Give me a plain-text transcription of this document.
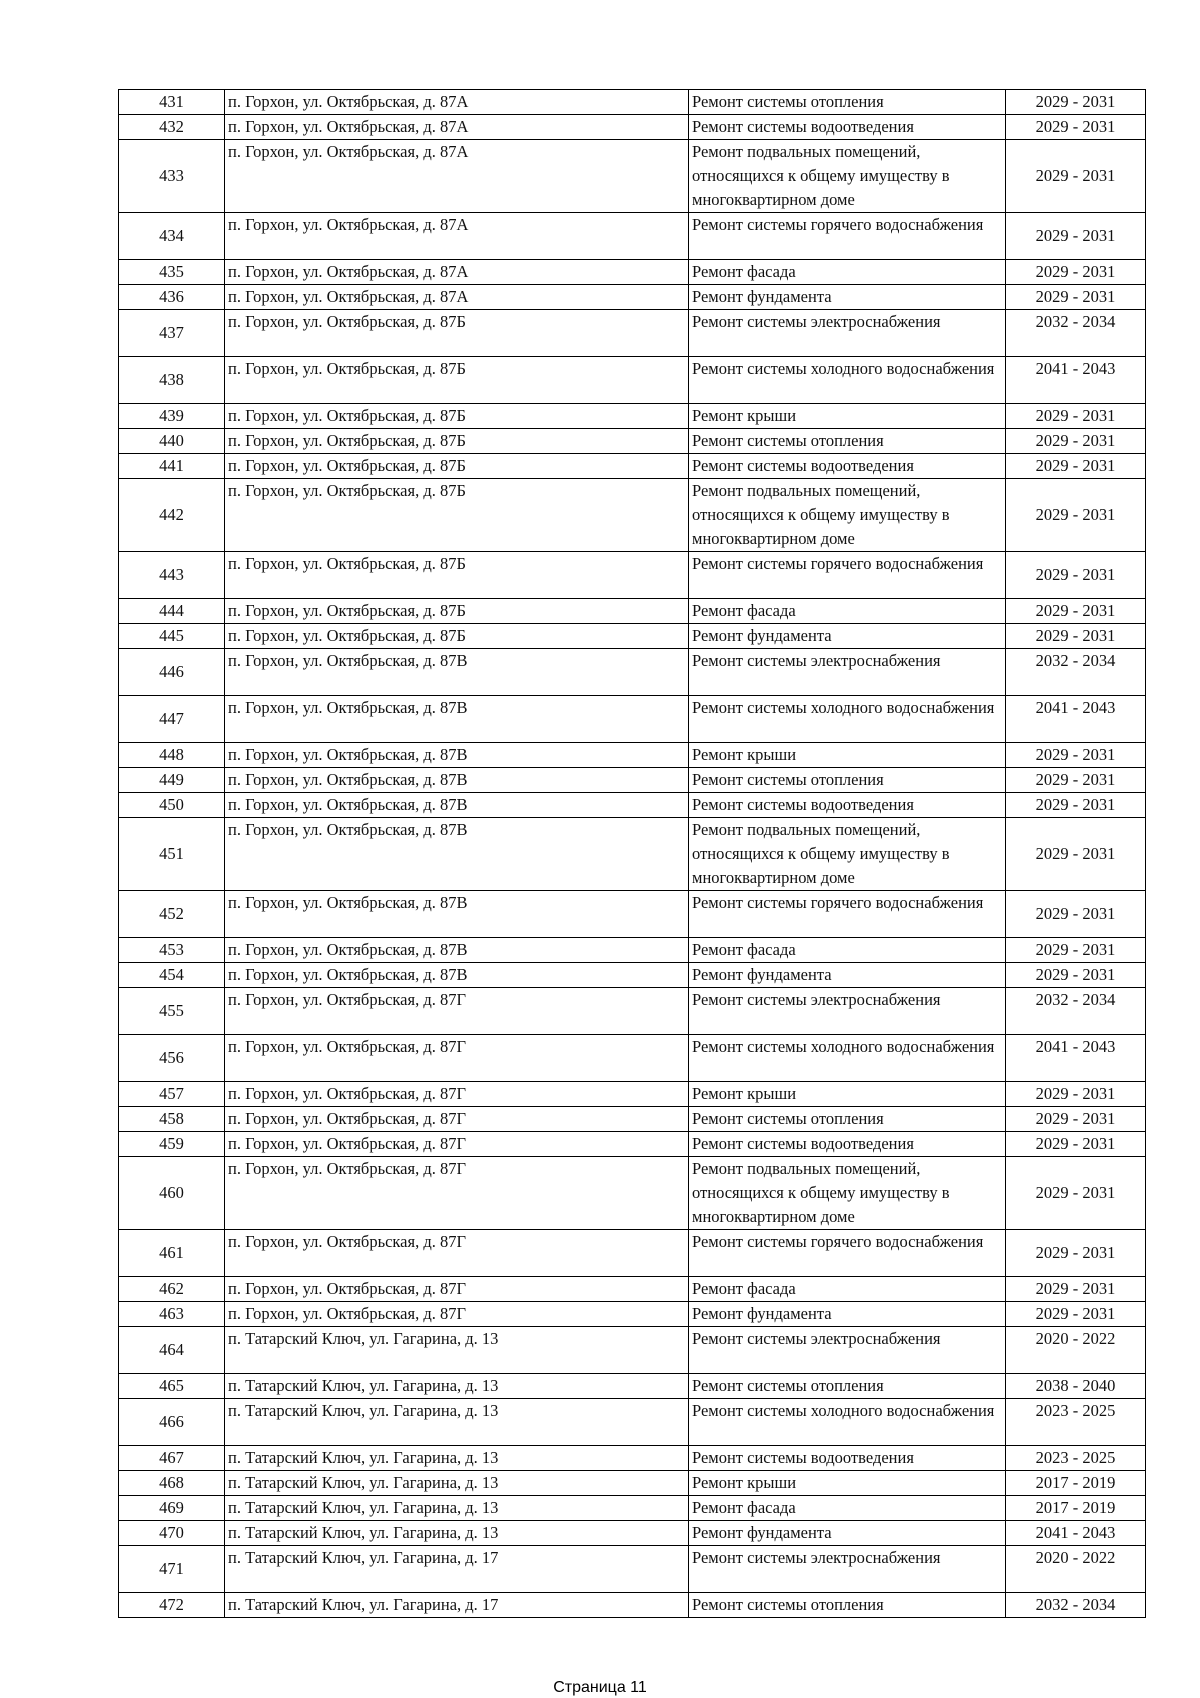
431	п. Горхон, ул. Октябрьская, д. 87А	Ремонт системы отопления	2029 - 2031
432	п. Горхон, ул. Октябрьская, д. 87А	Ремонт системы водоотведения	2029 - 2031
433	п. Горхон, ул. Октябрьская, д. 87А	Ремонт подвальных помещений, относящихся к общему имуществу в многоквартирном доме	2029 - 2031
434	п. Горхон, ул. Октябрьская, д. 87А	Ремонт системы горячего водоснабжения	2029 - 2031
435	п. Горхон, ул. Октябрьская, д. 87А	Ремонт фасада	2029 - 2031
436	п. Горхон, ул. Октябрьская, д. 87А	Ремонт фундамента	2029 - 2031
437	п. Горхон, ул. Октябрьская, д. 87Б	Ремонт системы электроснабжения	2032 - 2034
438	п. Горхон, ул. Октябрьская, д. 87Б	Ремонт системы холодного водоснабжения	2041 - 2043
439	п. Горхон, ул. Октябрьская, д. 87Б	Ремонт крыши	2029 - 2031
440	п. Горхон, ул. Октябрьская, д. 87Б	Ремонт системы отопления	2029 - 2031
441	п. Горхон, ул. Октябрьская, д. 87Б	Ремонт системы водоотведения	2029 - 2031
442	п. Горхон, ул. Октябрьская, д. 87Б	Ремонт подвальных помещений, относящихся к общему имуществу в многоквартирном доме	2029 - 2031
443	п. Горхон, ул. Октябрьская, д. 87Б	Ремонт системы горячего водоснабжения	2029 - 2031
444	п. Горхон, ул. Октябрьская, д. 87Б	Ремонт фасада	2029 - 2031
445	п. Горхон, ул. Октябрьская, д. 87Б	Ремонт фундамента	2029 - 2031
446	п. Горхон, ул. Октябрьская, д. 87В	Ремонт системы электроснабжения	2032 - 2034
447	п. Горхон, ул. Октябрьская, д. 87В	Ремонт системы холодного водоснабжения	2041 - 2043
448	п. Горхон, ул. Октябрьская, д. 87В	Ремонт крыши	2029 - 2031
449	п. Горхон, ул. Октябрьская, д. 87В	Ремонт системы отопления	2029 - 2031
450	п. Горхон, ул. Октябрьская, д. 87В	Ремонт системы водоотведения	2029 - 2031
451	п. Горхон, ул. Октябрьская, д. 87В	Ремонт подвальных помещений, относящихся к общему имуществу в многоквартирном доме	2029 - 2031
452	п. Горхон, ул. Октябрьская, д. 87В	Ремонт системы горячего водоснабжения	2029 - 2031
453	п. Горхон, ул. Октябрьская, д. 87В	Ремонт фасада	2029 - 2031
454	п. Горхон, ул. Октябрьская, д. 87В	Ремонт фундамента	2029 - 2031
455	п. Горхон, ул. Октябрьская, д. 87Г	Ремонт системы электроснабжения	2032 - 2034
456	п. Горхон, ул. Октябрьская, д. 87Г	Ремонт системы холодного водоснабжения	2041 - 2043
457	п. Горхон, ул. Октябрьская, д. 87Г	Ремонт крыши	2029 - 2031
458	п. Горхон, ул. Октябрьская, д. 87Г	Ремонт системы отопления	2029 - 2031
459	п. Горхон, ул. Октябрьская, д. 87Г	Ремонт системы водоотведения	2029 - 2031
460	п. Горхон, ул. Октябрьская, д. 87Г	Ремонт подвальных помещений, относящихся к общему имуществу в многоквартирном доме	2029 - 2031
461	п. Горхон, ул. Октябрьская, д. 87Г	Ремонт системы горячего водоснабжения	2029 - 2031
462	п. Горхон, ул. Октябрьская, д. 87Г	Ремонт фасада	2029 - 2031
463	п. Горхон, ул. Октябрьская, д. 87Г	Ремонт фундамента	2029 - 2031
464	п. Татарский Ключ, ул. Гагарина, д. 13	Ремонт системы электроснабжения	2020 - 2022
465	п. Татарский Ключ, ул. Гагарина, д. 13	Ремонт системы отопления	2038 - 2040
466	п. Татарский Ключ, ул. Гагарина, д. 13	Ремонт системы холодного водоснабжения	2023 - 2025
467	п. Татарский Ключ, ул. Гагарина, д. 13	Ремонт системы водоотведения	2023 - 2025
468	п. Татарский Ключ, ул. Гагарина, д. 13	Ремонт крыши	2017 - 2019
469	п. Татарский Ключ, ул. Гагарина, д. 13	Ремонт фасада	2017 - 2019
470	п. Татарский Ключ, ул. Гагарина, д. 13	Ремонт фундамента	2041 - 2043
471	п. Татарский Ключ, ул. Гагарина, д. 17	Ремонт системы электроснабжения	2020 - 2022
472	п. Татарский Ключ, ул. Гагарина, д. 17	Ремонт системы отопления	2032 - 2034
Страница 11
